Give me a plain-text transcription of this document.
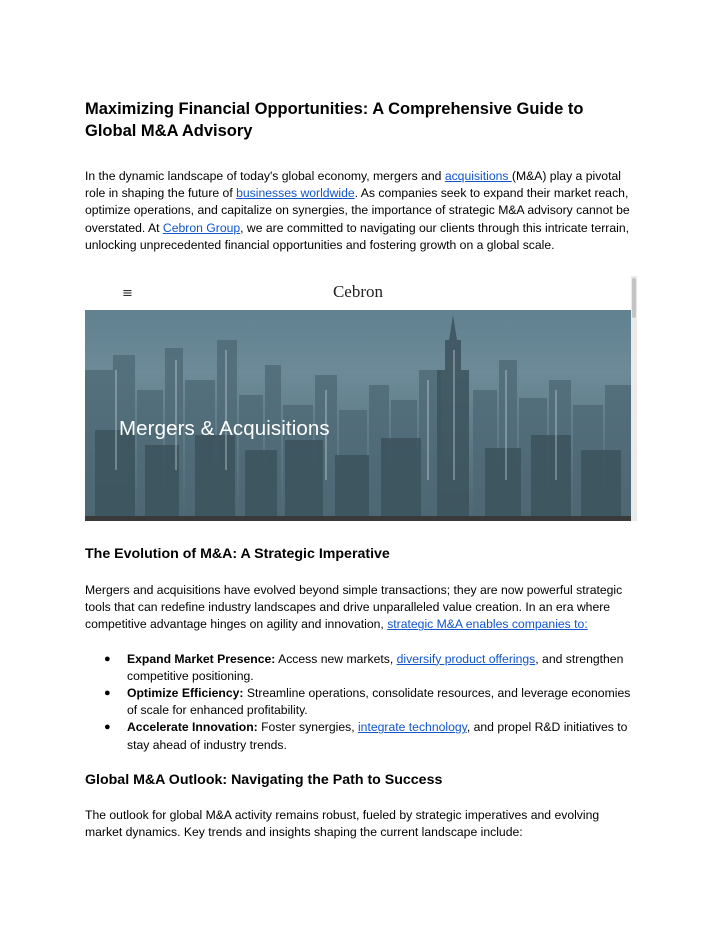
Maximizing Financial Opportunities: A Comprehensive Guide to Global M&A Advisory

In the dynamic landscape of today's global economy, mergers and acquisitions (M&A) play a pivotal role in shaping the future of businesses worldwide. As companies seek to expand their market reach, optimize operations, and capitalize on synergies, the importance of strategic M&A advisory cannot be overstated. At Cebron Group, we are committed to navigating our clients through this intricate terrain, unlocking unprecedented financial opportunities and fostering growth on a global scale.

≡	Cebron
Mergers & Acquisitions
The Evolution of M&A: A Strategic Imperative

Mergers and acquisitions have evolved beyond simple transactions; they are now powerful strategic tools that can redefine industry landscapes and drive unparalleled value creation. In an era where competitive advantage hinges on agility and innovation, strategic M&A enables companies to:

● Expand Market Presence: Access new markets, diversify product offerings, and strengthen competitive positioning.
● Optimize Efficiency: Streamline operations, consolidate resources, and leverage economies of scale for enhanced profitability.
● Accelerate Innovation: Foster synergies, integrate technology, and propel R&D initiatives to stay ahead of industry trends.
Global M&A Outlook: Navigating the Path to Success

The outlook for global M&A activity remains robust, fueled by strategic imperatives and evolving market dynamics. Key trends and insights shaping the current landscape include:
